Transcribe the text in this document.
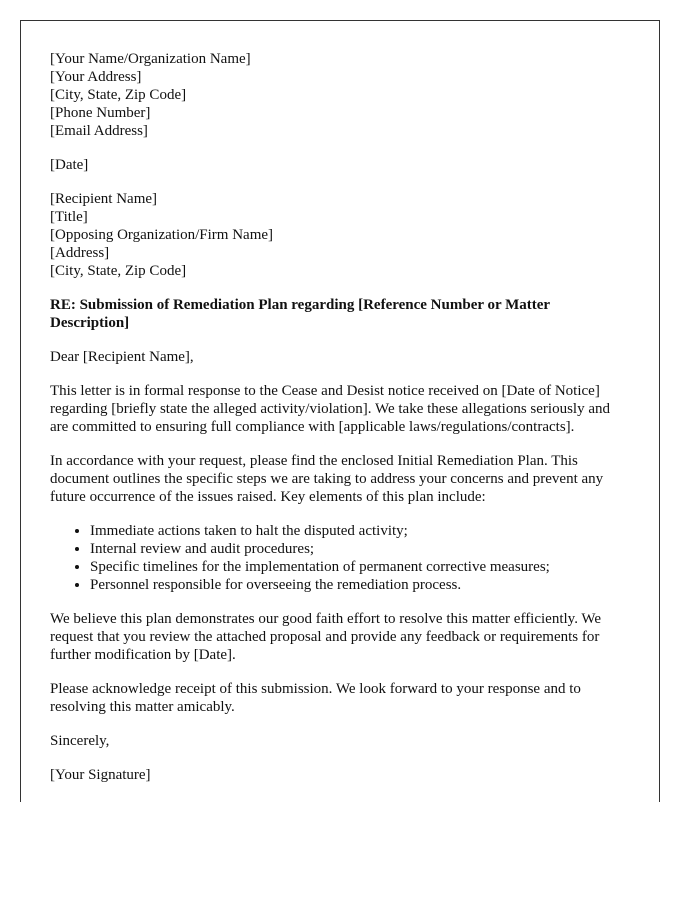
[Your Name/Organization Name]
[Your Address]
[City, State, Zip Code]
[Phone Number]
[Email Address]

[Date]

[Recipient Name]
[Title]
[Opposing Organization/Firm Name]
[Address]
[City, State, Zip Code]

RE: Submission of Remediation Plan regarding [Reference Number or Matter Description]

Dear [Recipient Name],

This letter is in formal response to the Cease and Desist notice received on [Date of Notice] regarding [briefly state the alleged activity/violation]. We take these allegations seriously and are committed to ensuring full compliance with [applicable laws/regulations/contracts].

In accordance with your request, please find the enclosed Initial Remediation Plan. This document outlines the specific steps we are taking to address your concerns and prevent any future occurrence of the issues raised. Key elements of this plan include:

• Immediate actions taken to halt the disputed activity;
• Internal review and audit procedures;
• Specific timelines for the implementation of permanent corrective measures;
• Personnel responsible for overseeing the remediation process.

We believe this plan demonstrates our good faith effort to resolve this matter efficiently. We request that you review the attached proposal and provide any feedback or requirements for further modification by [Date].

Please acknowledge receipt of this submission. We look forward to your response and to resolving this matter amicably.

Sincerely,

[Your Signature]
